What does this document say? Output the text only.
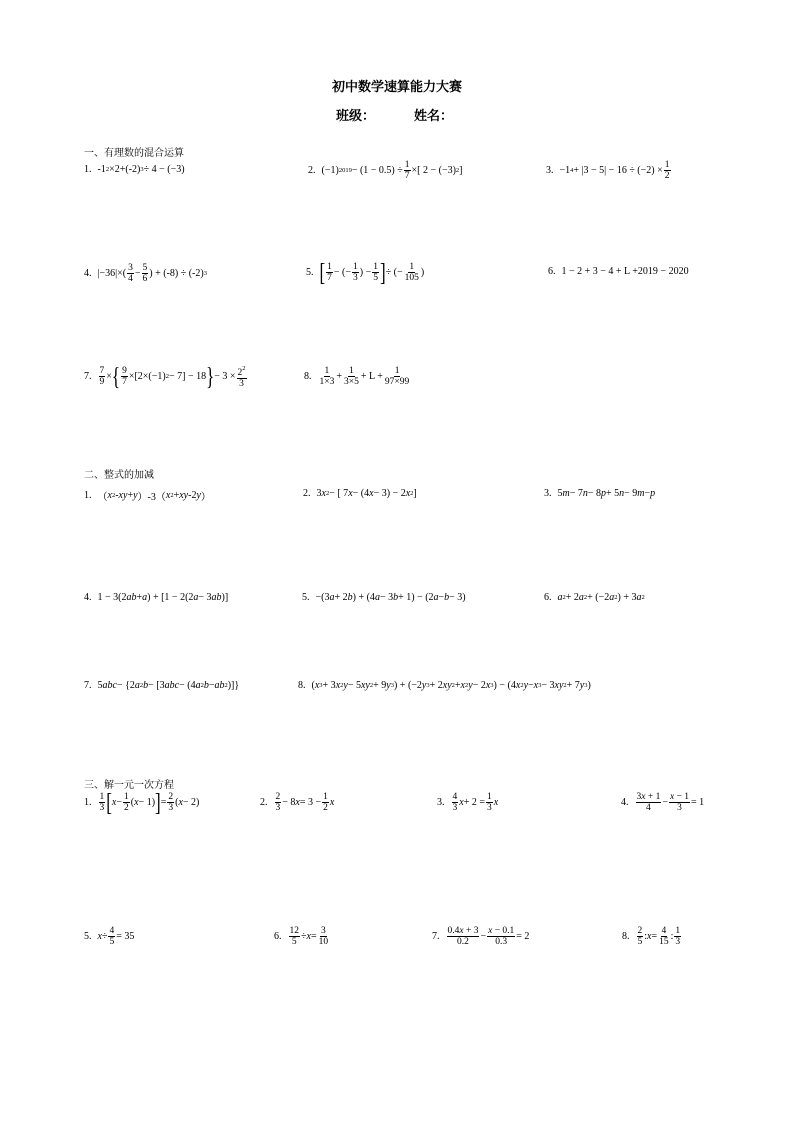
初中数学速算能力大赛
班级：	姓名：
一、有理数的混合运算
1. -1 2 ×2+(-2) 3 ÷ 4 − (−3)	2. (−1) $2019 - (1 - 0.5) \div \frac{1}{7}$ ×[ 2 − (−3) 2 ]	3. −1 $4 + |3 - 5| - 16 \div (-2) \times \frac{1}{2}$
4. $|-36|\times( \frac{3}{4} - \frac{5}{6}$ ) + (-8) ÷ (-2) 3	5. [ $\frac{1}{7}$ − (− $\frac{1}{3}$ ) − $\frac{1}{5}$ ] ÷ (− $\frac{1}{105}$ )	6. 1 − 2 + 3 − 4 + L +2019 − 2020
7. $\frac{7}{9}$ × { $\frac{9}{7} \times[2\times(-1) 2 - 7] - 18$ } − $3 \times \frac{2^2}{3}$	8. $\frac{1}{1\times 3} + \frac{1}{3\times 5} + L + \frac{1}{97\times 99}$
二、整式的加减
1. （ x 2 - xy + y ）-3（ x 2 + xy -2 y ）	2. 3 x 2 − [ 7 x − (4 x − 3) − 2 x 2 ]	3. 5 m − 7 n − 8 p + 5 n − 9 m − p
4. 1 − 3(2 ab + a ) + [1 − 2(2 a − 3 ab )]	5. −(3 a + 2 b ) + (4 a − 3 b + 1) − (2 a − b − 3)	6. a 2 + 2 a 2 + (−2 a 2 ) + 3 a 2
7. 5 abc − {2 a 2 b − [3 abc − (4 a 2 b − ab 2 )]}	8. ( x 3 + 3 x 2 y − 5 xy 2 + 9 y 3 ) + (−2 y 3 + 2 xy 2 + x 2 y − 2 x 3 ) − (4 x 2 y − x 3 − 3 xy 2 + 7 y 3 )
三、解一元一次方程
1. $\frac{1}{3}$ [ $x - \frac{1}{2}$ ( x − 1) ] = $\frac{2}{3}$ ( x − 2)	2. $\frac{2}{3} - 8$ $x = 3 - \frac{1}{2}$ x	3. $\frac{4}{3}$ $x + 2 = \frac{1}{3}$ x	4. $\frac{3x + 1}{4} - \frac{x - 1}{3} = 1$
5. $x \div \frac{4}{5} = 35$	6. $\frac{12}{5} \div x = \frac{3}{10}$	7. $\frac{0.4x + 3}{0.2} - \frac{x - 0.1}{0.3} = 2$	8. $\frac{2}{5}$ : $x = \frac{4}{15}$ : $\frac{1}{3}$
